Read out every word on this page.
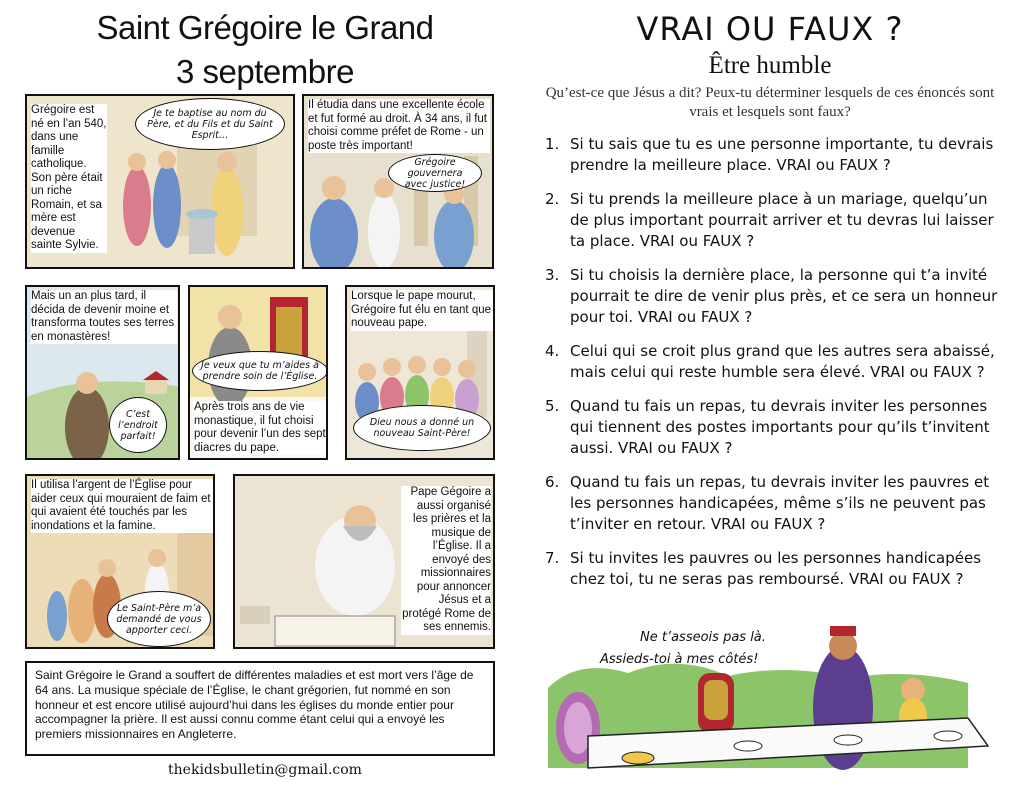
Saint Grégoire le Grand
3 septembre
Grégoire est né en l’an 540, dans une famille catholique. Son père était un riche Romain, et sa mère est devenue sainte Sylvie.
Je te baptise au nom du Père, et du Fils et du Saint Esprit…
Il étudia dans une excellente école et fut formé au droit. À 34 ans, il fut choisi comme préfet de Rome - un poste très important!
Grégoire gouvernera avec justice!
Mais un an plus tard, il décida de devenir moine et transforma toutes ses terres en monastères!
C’est l’endroit parfait!
Je veux que tu m’aides à prendre soin de l’Église.
Après trois ans de vie monastique, il fut choisi pour devenir l’un des sept diacres du pape.
Lorsque le pape mourut, Grégoire fut élu en tant que nouveau pape.
Dieu nous a donné un nouveau Saint-Père!
Il utilisa l’argent de l’Église pour aider ceux qui mouraient de faim et qui avaient été touchés par les inondations et la famine.
Le Saint-Père m’a demandé de vous apporter ceci.
Pape Gégoire a aussi organisé les prières et la musique de l’Église. Il a envoyé des missionnaires pour annoncer Jésus et a protégé Rome de ses ennemis.
Saint Grégoire le Grand a souffert de différentes maladies et est mort vers l’âge de 64 ans. La musique spéciale de l’Église, le chant grégorien, fut nommé en son honneur et est encore utilisé aujourd’hui dans les églises du monde entier pour accompagner la prière. Il est aussi connu comme étant celui qui a envoyé les premiers missionnaires en Angleterre.
thekidsbulletin@gmail.com
VRAI OU FAUX ?
Être humble
Qu’est-ce que Jésus a dit? Peux-tu déterminer lesquels de ces énoncés sont vrais et lesquels sont faux?
1. Si tu sais que tu es une personne importante, tu devrais prendre la meilleure place. VRAI ou FAUX ?
2. Si tu prends la meilleure place à un mariage, quelqu’un de plus important pourrait arriver et tu devras lui laisser ta place. VRAI ou FAUX ?
3. Si tu choisis la dernière place, la personne qui t’a invité pourrait te dire de venir plus près, et ce sera un honneur pour toi. VRAI ou FAUX ?
4. Celui qui se croit plus grand que les autres sera abaissé, mais celui qui reste humble sera élevé. VRAI ou FAUX ?
5. Quand tu fais un repas, tu devrais inviter les personnes qui tiennent des postes importants pour qu’ils t’invitent aussi. VRAI ou FAUX ?
6. Quand tu fais un repas, tu devrais inviter les pauvres et les personnes handicapées, même s’ils ne peuvent pas t’inviter en retour. VRAI ou FAUX ?
7. Si tu invites les pauvres ou les personnes handicapées chez toi, tu ne seras pas remboursé. VRAI ou FAUX ?
Ne t’asseois pas là.
Assieds-toi à mes côtés!
